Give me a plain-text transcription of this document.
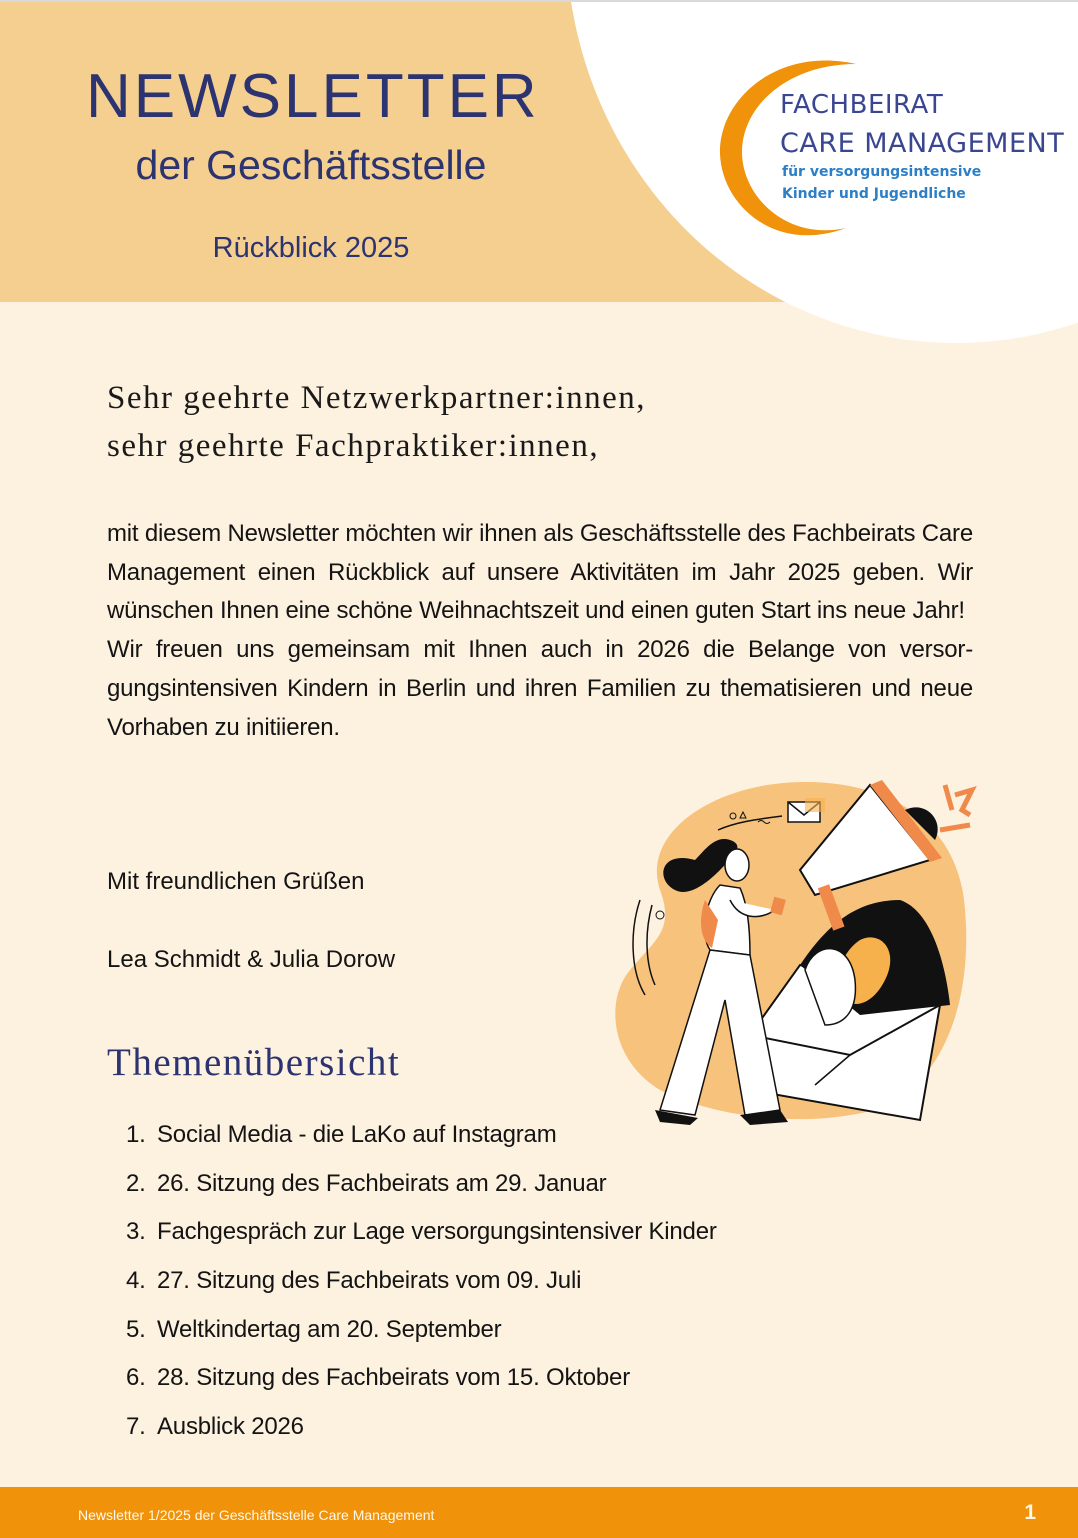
NEWSLETTER
der Geschäftsstelle
Rückblick 2025
FACHBEIRAT
CARE MANAGEMENT
für versorgungsintensive
Kinder und Jugendliche
Sehr geehrte Netzwerkpartner:innen,
sehr geehrte Fachpraktiker:innen,

mit diesem Newsletter möchten wir ihnen als Geschäftsstelle des Fachbeirats Care Management einen Rückblick auf unsere Aktivitäten im Jahr 2025 geben. Wir wünschen Ihnen eine schöne Weihnachtszeit und einen guten Start ins neue Jahr!

Wir freuen uns gemeinsam mit Ihnen auch in 2026 die Belange von versor-gungsintensiven Kindern in Berlin und ihren Familien zu thematisieren und neue Vorhaben zu initiieren.

Mit freundlichen Grüßen
Lea Schmidt & Julia Dorow
Themenübersicht
1. Social Media - die LaKo auf Instagram
2. 26. Sitzung des Fachbeirats am 29. Januar
3. Fachgespräch zur Lage versorgungsintensiver Kinder
4. 27. Sitzung des Fachbeirats vom 09. Juli
5. Weltkindertag am 20. September
6. 28. Sitzung des Fachbeirats vom 15. Oktober
7. Ausblick 2026
Newsletter 1/2025 der Geschäftsstelle Care Management	1
